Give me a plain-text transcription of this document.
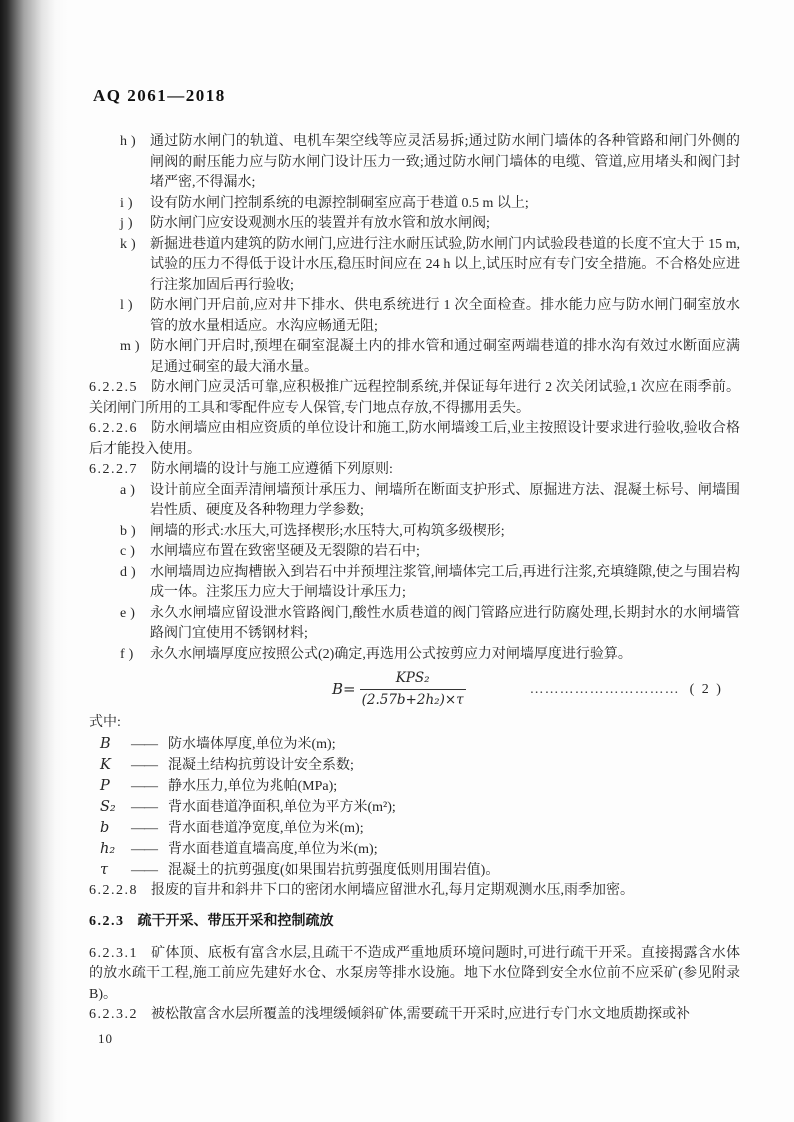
AQ 2061—2018
h) 通过防水闸门的轨道、电机车架空线等应灵活易拆;通过防水闸门墙体的各种管路和闸门外侧的闸阀的耐压能力应与防水闸门设计压力一致;通过防水闸门墙体的电缆、管道,应用堵头和阀门封堵严密,不得漏水;
i) 设有防水闸门控制系统的电源控制硐室应高于巷道 0.5 m 以上;
j) 防水闸门应安设观测水压的装置并有放水管和放水闸阀;
k) 新掘进巷道内建筑的防水闸门,应进行注水耐压试验,防水闸门内试验段巷道的长度不宜大于 15 m,试验的压力不得低于设计水压,稳压时间应在 24 h 以上,试压时应有专门安全措施。不合格处应进行注浆加固后再行验收;
l) 防水闸门开启前,应对井下排水、供电系统进行 1 次全面检查。排水能力应与防水闸门硐室放水管的放水量相适应。水沟应畅通无阻;
m) 防水闸门开启时,预埋在硐室混凝土内的排水管和通过硐室两端巷道的排水沟有效过水断面应满足通过硐室的最大涌水量。
6.2.2.5 防水闸门应灵活可靠,应积极推广远程控制系统,并保证每年进行 2 次关闭试验,1 次应在雨季前。关闭闸门所用的工具和零配件应专人保管,专门地点存放,不得挪用丢失。
6.2.2.6 防水闸墙应由相应资质的单位设计和施工,防水闸墙竣工后,业主按照设计要求进行验收,验收合格后才能投入使用。
6.2.2.7 防水闸墙的设计与施工应遵循下列原则:
a) 设计前应全面弄清闸墙预计承压力、闸墙所在断面支护形式、原掘进方法、混凝土标号、闸墙围岩性质、硬度及各种物理力学参数;
b) 闸墙的形式:水压大,可选择楔形;水压特大,可构筑多级楔形;
c) 水闸墙应布置在致密坚硬及无裂隙的岩石中;
d) 水闸墙周边应掏槽嵌入到岩石中并预埋注浆管,闸墙体完工后,再进行注浆,充填缝隙,使之与围岩构成一体。注浆压力应大于闸墙设计承压力;
e) 永久水闸墙应留设泄水管路阀门,酸性水质巷道的阀门管路应进行防腐处理,长期封水的水闸墙管路阀门宜使用不锈钢材料;
f) 永久水闸墙厚度应按照公式(2)确定,再选用公式按剪应力对闸墙厚度进行验算。
$B= \frac{\text{KPS₂}}{\text{(2.57b+2h₂)×τ}}$	………………………… ( 2 )
式中:
B —— 防水墙体厚度,单位为米(m);
K —— 混凝土结构抗剪设计安全系数;
P —— 静水压力,单位为兆帕(MPa);
S₂ —— 背水面巷道净面积,单位为平方米(m²);
b —— 背水面巷道净宽度,单位为米(m);
h₂ —— 背水面巷道直墙高度,单位为米(m);
τ —— 混凝土的抗剪强度(如果围岩抗剪强度低则用围岩值)。
6.2.2.8 报废的盲井和斜井下口的密闭水闸墙应留泄水孔,每月定期观测水压,雨季加密。
6.2.3 疏干开采、带压开采和控制疏放
6.2.3.1 矿体顶、底板有富含水层,且疏干不造成严重地质环境问题时,可进行疏干开采。直接揭露含水体的放水疏干工程,施工前应先建好水仓、水泵房等排水设施。地下水位降到安全水位前不应采矿(参见附录 B)。
6.2.3.2 被松散富含水层所覆盖的浅埋缓倾斜矿体,需要疏干开采时,应进行专门水文地质勘探或补
10
